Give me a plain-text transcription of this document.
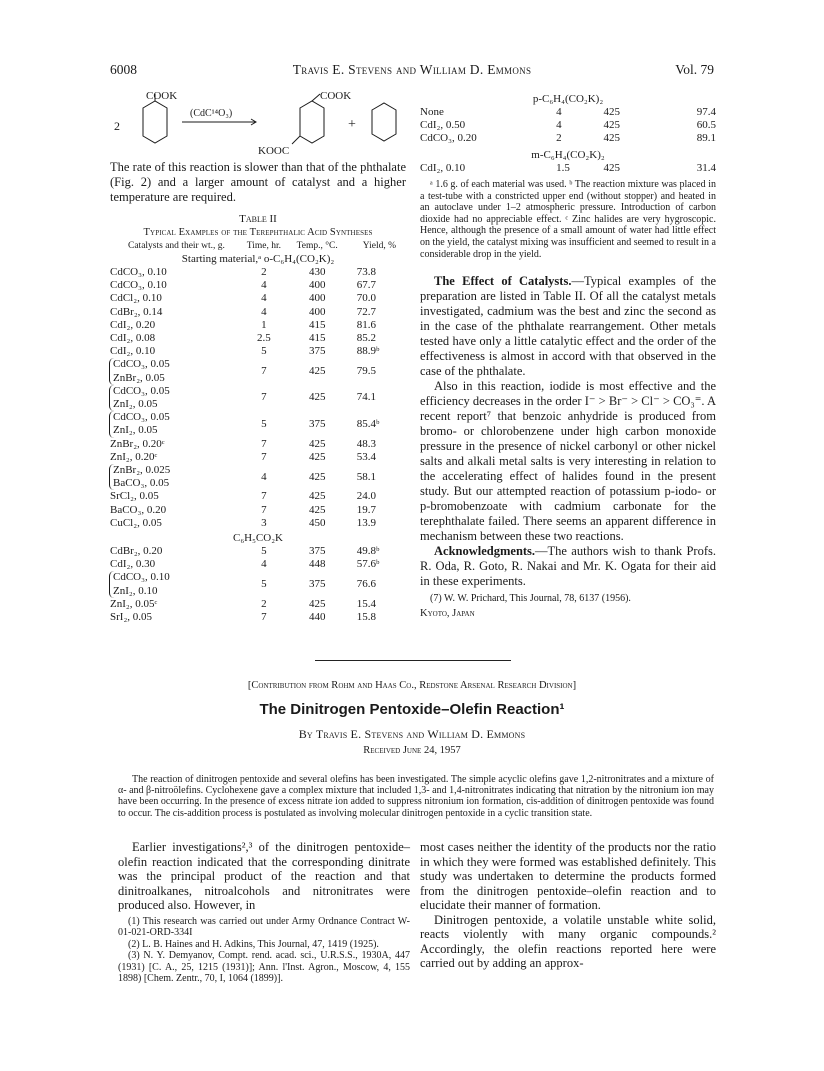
6008	Travis E. Stevens and William D. Emmons	Vol. 79
COOK
2
(CdC¹⁴O₃)
COOK
KOOC
+

The rate of this reaction is slower than that of the phthalate (Fig. 2) and a larger amount of catalyst and a higher temperature are required.

Table II
Typical Examples of the Terephthalic Acid Syntheses
Catalysts and their wt., g.	Time, hr.	Temp., °C.	Yield, %
Starting material,ᵃ o-C₆H₄(CO₂K)₂
CdCO₃, 0.10	2	430	73.8
CdCO₃, 0.10	4	400	67.7
CdCl₂, 0.10	4	400	70.0
CdBr₂, 0.14	4	400	72.7
CdI₂, 0.20	1	415	81.6
CdI₂, 0.08	2.5	415	85.2
CdI₂, 0.10	5	375	88.9ᵇ

CdCO₃, 0.05
ZnBr₂, 0.05	7	425	79.5

CdCO₃, 0.05
ZnI₂, 0.05	7	425	74.1

CdCO₃, 0.05
ZnI₂, 0.05	5	375	85.4ᵇ
ZnBr₂, 0.20ᶜ	7	425	48.3
ZnI₂, 0.20ᶜ	7	425	53.4

ZnBr₂, 0.025
BaCO₃, 0.05	4	425	58.1
SrCl₂, 0.05	7	425	24.0
BaCO₃, 0.20	7	425	19.7
CuCl₂, 0.05	3	450	13.9
C₆H₅CO₂K
CdBr₂, 0.20	5	375	49.8ᵇ
CdI₂, 0.30	4	448	57.6ᵇ

CdCO₃, 0.10
ZnI₂, 0.10	5	375	76.6
ZnI₂, 0.05ᶜ	2	425	15.4
SrI₂, 0.05	7	440	15.8
p-C₆H₄(CO₂K)₂
None	4	425	97.4
CdI₂, 0.50	4	425	60.5
CdCO₃, 0.20	2	425	89.1
m-C₆H₄(CO₂K)₂
CdI₂, 0.10	1.5	425	31.4

ᵃ 1.6 g. of each material was used. ᵇ The reaction mixture was placed in a test-tube with a constricted upper end (without stopper) and heated in an autoclave under 1–2 atmospheric pressure. Introduction of carbon dioxide had no appreciable effect. ᶜ Zinc halides are very hygroscopic. Hence, although the presence of a small amount of water had little effect on the yield, the catalyst mixing was insufficient and seemed to result in a considerable drop in the yield.

The Effect of Catalysts.—Typical examples of the preparation are listed in Table II. Of all the catalyst metals investigated, cadmium was the best and zinc the second as in the case of the phthalate rearrangement. Other metals tested have only a little catalytic effect and the order of the effectiveness is almost in accord with that observed in the case of the phthalate.

Also in this reaction, iodide is most effective and the efficiency decreases in the order I⁻ > Br⁻ > Cl⁻ > CO₃⁼. A recent report⁷ that benzoic anhydride is produced from bromo- or chlorobenzene under high carbon monoxide pressure in the presence of nickel carbonyl or other nickel salts and alkali metal salts is very interesting in relation to the accelerating effect of halides found in the present study. But our attempted reaction of potassium p-iodo- or p-bromobenzoate with cadmium carbonate for the terephthalate failed. There seems an apparent difference in mechanism between these two reactions.

Acknowledgments.—The authors wish to thank Profs. R. Oda, R. Goto, R. Nakai and Mr. K. Ogata for their aid in these experiments.

(7) W. W. Prichard, This Journal, 78, 6137 (1956).

Kyoto, Japan

[Contribution from Rohm and Haas Co., Redstone Arsenal Research Division]
The Dinitrogen Pentoxide–Olefin Reaction¹
By Travis E. Stevens and William D. Emmons
Received June 24, 1957
The reaction of dinitrogen pentoxide and several olefins has been investigated. The simple acyclic olefins gave 1,2-nitronitrates and a mixture of α- and β-nitroölefins. Cyclohexene gave a complex mixture that included 1,3- and 1,4-nitronitrates indicating that nitration by the nitronium ion may have been occurring. In the presence of excess nitrate ion added to suppress nitronium ion formation, cis-addition of dinitrogen pentoxide was found to occur. The cis-addition process is postulated as involving molecular dinitrogen pentoxide in a cyclic transition state.

Earlier investigations²,³ of the dinitrogen pentoxide–olefin reaction indicated that the corresponding dinitrate was the principal product of the reaction and that dinitroalkanes, nitroalcohols and nitronitrates were produced also. However, in

(1) This research was carried out under Army Ordnance Contract W-01-021-ORD-334I

(2) L. B. Haines and H. Adkins, This Journal, 47, 1419 (1925).

(3) N. Y. Demyanov, Compt. rend. acad. sci., U.R.S.S., 1930A, 447 (1931) [C. A., 25, 1215 (1931)]; Ann. l'Inst. Agron., Moscow, 4, 155 1898) [Chem. Zentr., 70, I, 1064 (1899)].

most cases neither the identity of the products nor the ratio in which they were formed was established definitely. This study was undertaken to determine the products formed from the dinitrogen pentoxide–olefin reaction and to elucidate their manner of formation.

Dinitrogen pentoxide, a volatile unstable white solid, reacts violently with many organic compounds.² Accordingly, the olefin reactions reported here were carried out by adding an approx-
